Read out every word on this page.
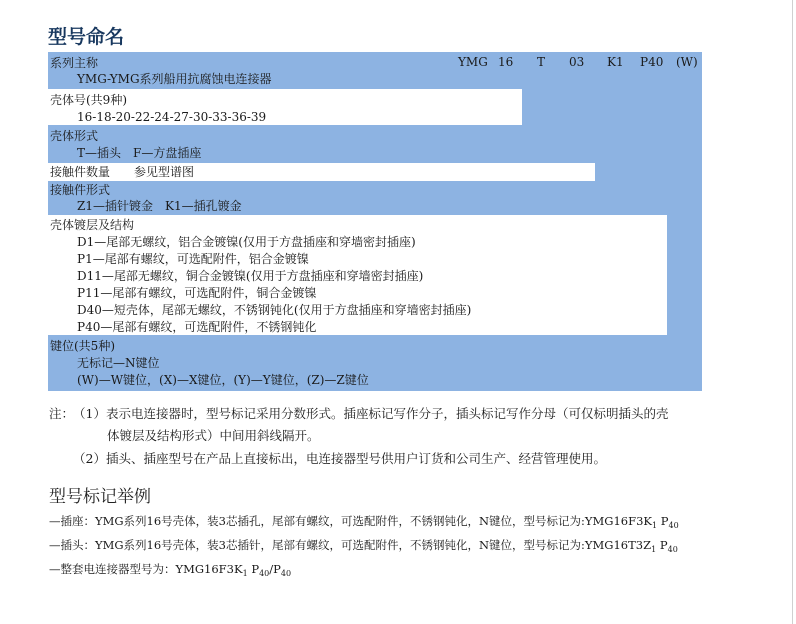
型号命名
YMG 16 T 03 K1 P40 (W)
系列主称
YMG-YMG系列船用抗腐蚀电连接器
壳体号(共9种)
16-18-20-22-24-27-30-33-36-39
壳体形式
T—插头　F—方盘插座
接触件数量　　参见型谱图
接触件形式
Z1—插针镀金　K1—插孔镀金
壳体镀层及结构
D1—尾部无螺纹，铝合金镀镍(仅用于方盘插座和穿墙密封插座)
P1—尾部有螺纹，可选配附件，铝合金镀镍
D11—尾部无螺纹，铜合金镀镍(仅用于方盘插座和穿墙密封插座)
P11—尾部有螺纹，可选配附件，铜合金镀镍
D40—短壳体，尾部无螺纹，不锈钢钝化(仅用于方盘插座和穿墙密封插座)
P40—尾部有螺纹，可选配附件，不锈钢钝化
键位(共5种)
无标记—N键位
(W)—W键位，(X)—X键位，(Y)—Y键位，(Z)—Z键位
注：
（1）表示电连接器时，型号标记采用分数形式。插座标记写作分子，插头标记写作分母（可仅标明插头的壳
体镀层及结构形式）中间用斜线隔开。
（2）插头、插座型号在产品上直接标出，电连接器型号供用户订货和公司生产、经营管理使用。
型号标记举例
—插座：YMG系列16号壳体，装3芯插孔，尾部有螺纹，可选配附件，不锈钢钝化，N键位，型号标记为$:YMG16F3K_1$ $P_{40}$
—插头：YMG系列16号壳体，装3芯插针，尾部有螺纹，可选配附件，不锈钢钝化，N键位，型号标记为$:YMG16T3Z_1$ $P_{40}$
—整套电连接器型号为：$YMG16F3K_1$ $P_{40}/P_{40}$
